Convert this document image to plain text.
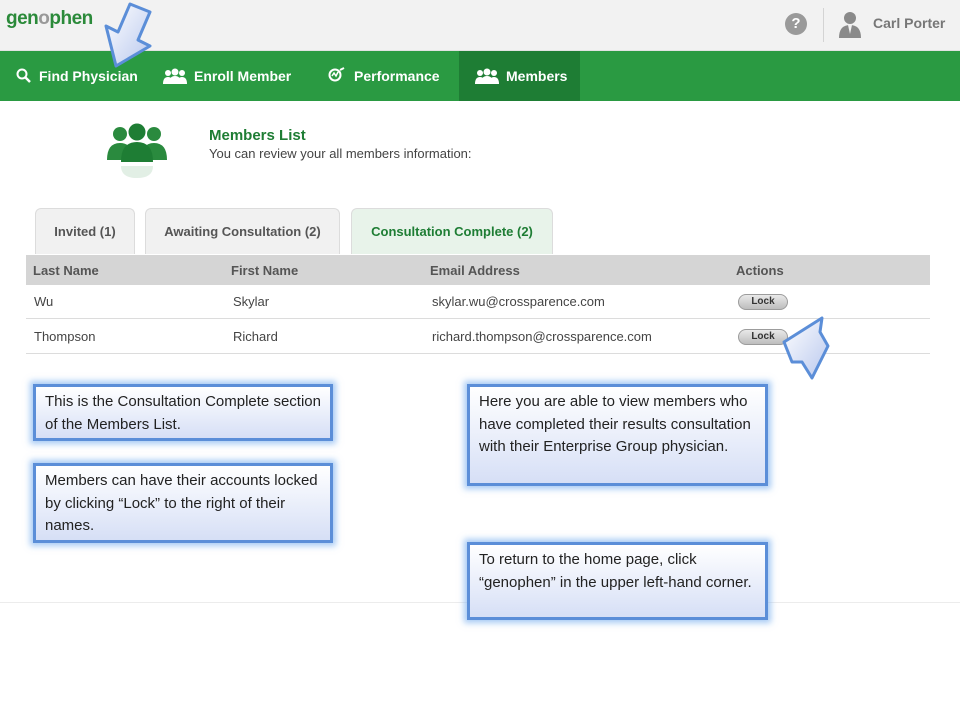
genophen	?	Carl Porter
Find Physician	Enroll Member	Performance	Members
Members List
You can review your all members information:
Invited (1)	Awaiting Consultation (2)	Consultation Complete (2)
Last Name	First Name	Email Address	Actions
Wu	Skylar	skylar.wu@crossparence.com	Lock
Thompson	Richard	richard.thompson@crossparence.com	Lock
This is the Consultation Complete section of the Members List.
Members can have their accounts locked by clicking “Lock” to the right of their names.
Here you are able to view members who have completed their results consultation with their Enterprise Group physician.
To return to the home page, click “genophen” in the upper left-hand corner.
